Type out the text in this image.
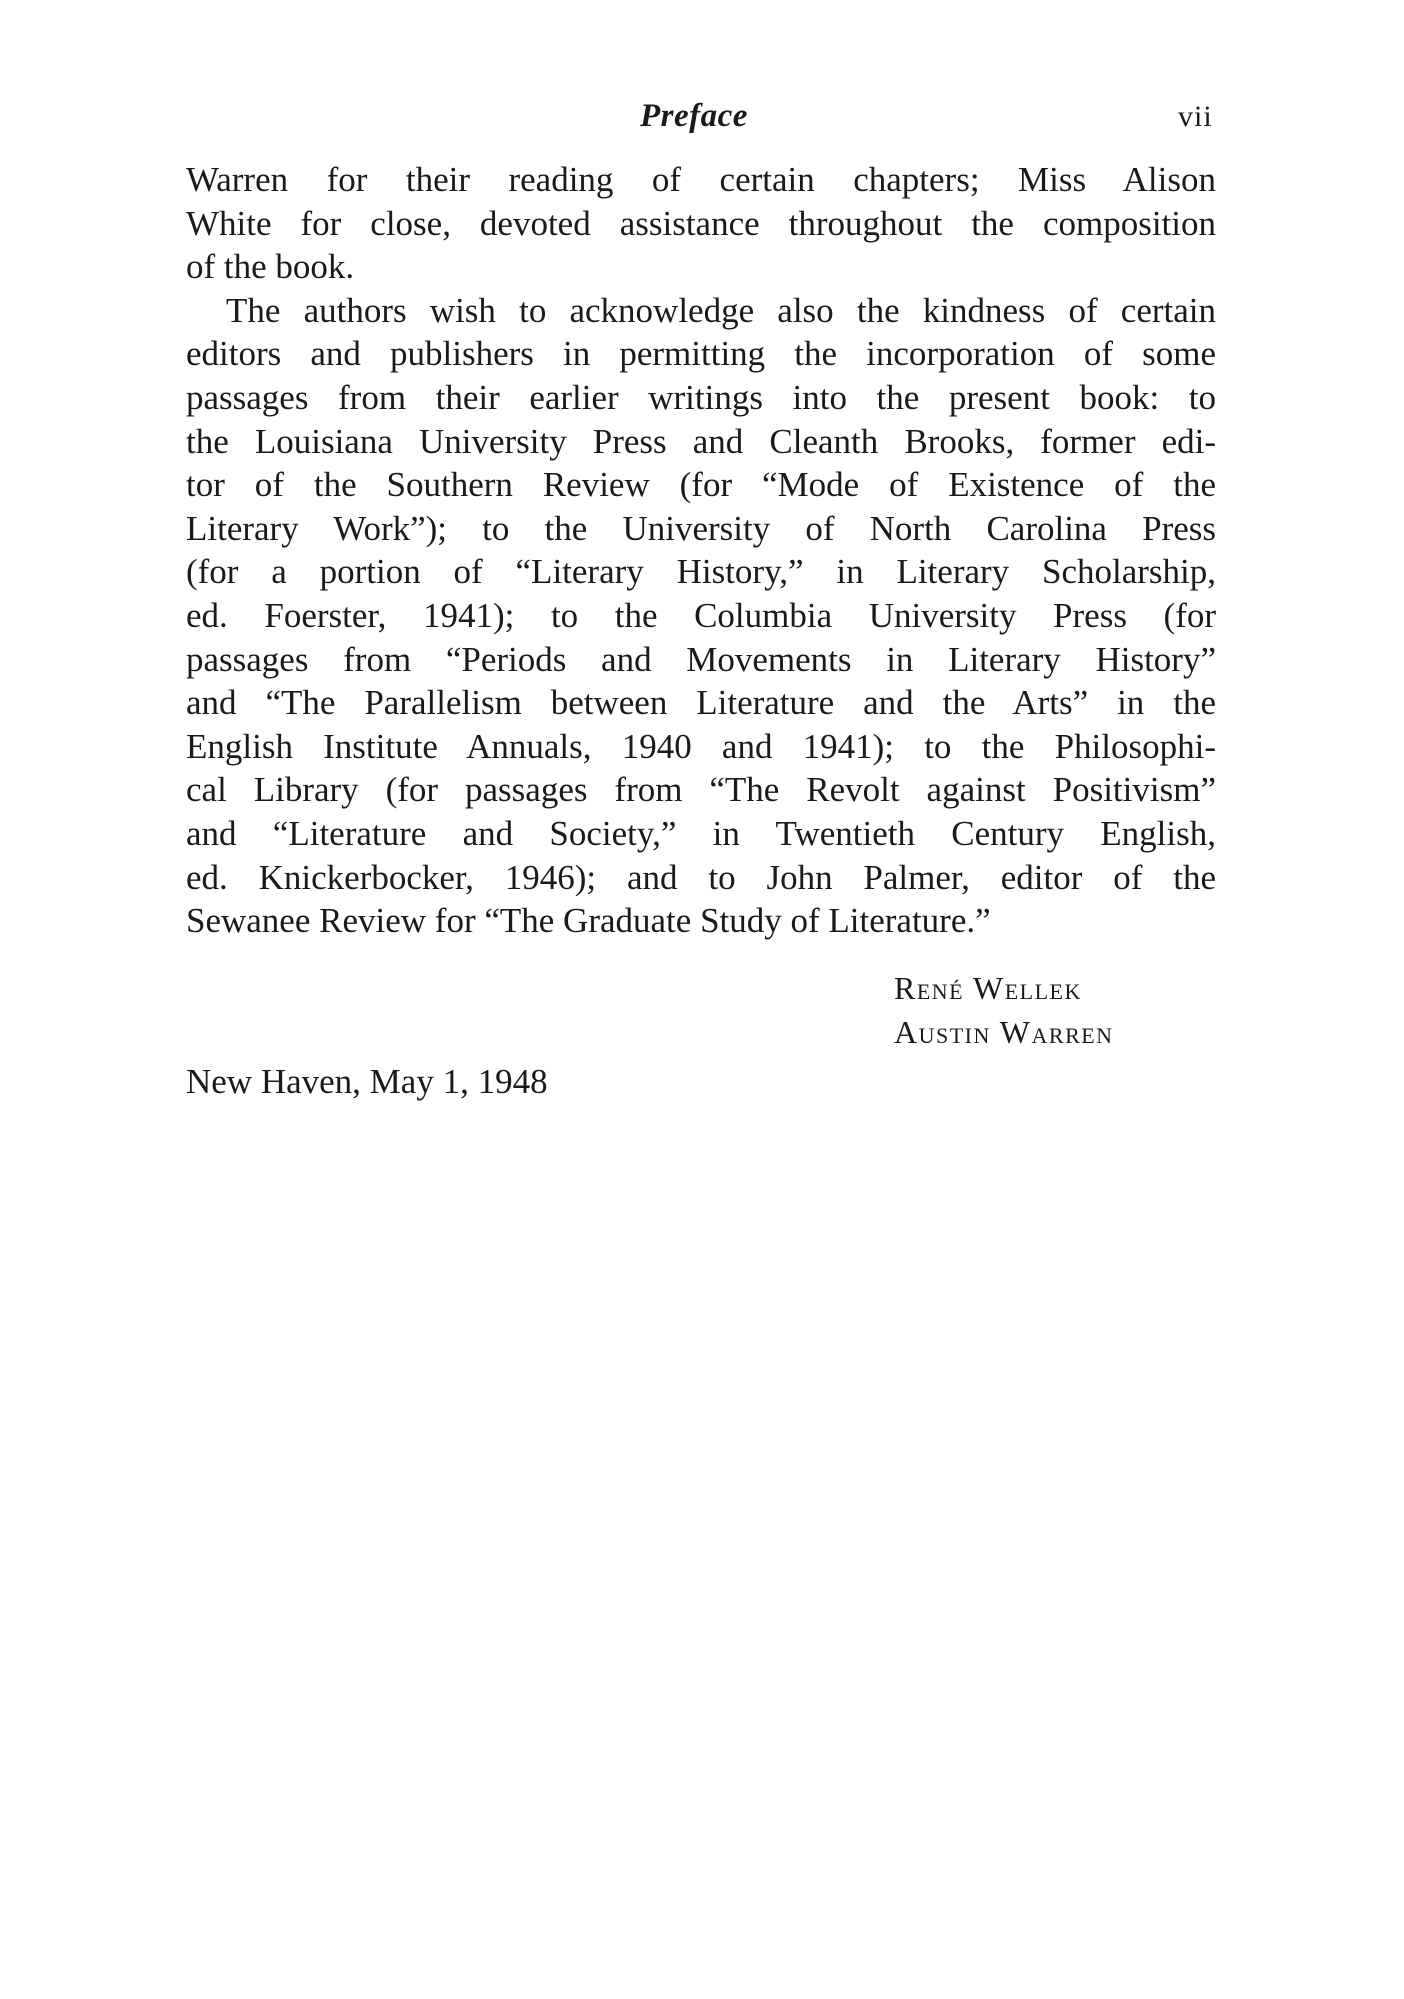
Preface	vii
Warren for their reading of certain chapters; Miss Alison
White for close, devoted assistance throughout the composition
of the book.
The authors wish to acknowledge also the kindness of certain
editors and publishers in permitting the incorporation of some
passages from their earlier writings into the present book: to
the Louisiana University Press and Cleanth Brooks, former edi-
tor of the Southern Review (for “Mode of Existence of the
Literary Work”); to the University of North Carolina Press
(for a portion of “Literary History,” in Literary Scholarship,
ed. Foerster, 1941); to the Columbia University Press (for
passages from “Periods and Movements in Literary History”
and “The Parallelism between Literature and the Arts” in the
English Institute Annuals, 1940 and 1941); to the Philosophi-
cal Library (for passages from “The Revolt against Positivism”
and “Literature and Society,” in Twentieth Century English,
ed. Knickerbocker, 1946); and to John Palmer, editor of the
Sewanee Review for “The Graduate Study of Literature.”
René Wellek
Austin Warren
New Haven, May 1, 1948
